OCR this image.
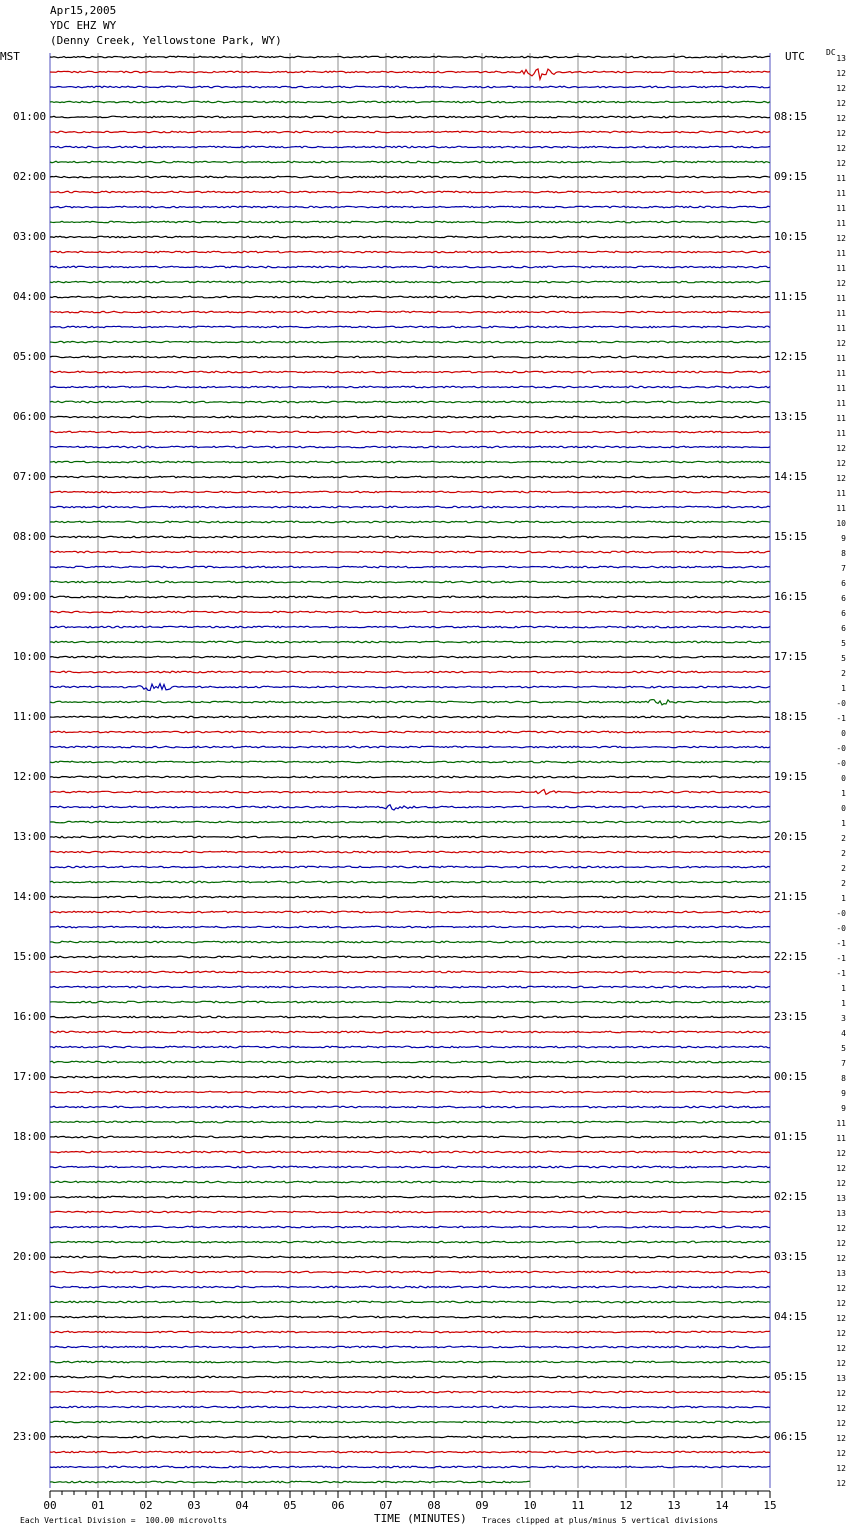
Apr15,2005
YDC EHZ WY
(Denny Creek, Yellowstone Park, WY)
MST	UTC	DC
00	01	02	03	04	05	06	07	08	09	10	11	12	13	14	15
01:00
02:00
03:00
04:00
05:00
06:00
07:00
08:00
09:00
10:00
11:00
12:00
13:00
14:00
15:00
16:00
17:00
18:00
19:00
20:00
21:00
22:00
23:00
08:15
09:15
10:15
11:15
12:15
13:15
14:15
15:15
16:15
17:15
18:15
19:15
20:15
21:15
22:15
23:15
00:15
01:15
02:15
03:15
04:15
05:15
06:15
13
12
12
12
12
12
12
12
11
11
11
11
12
11
11
12
11
11
11
12
11
11
11
11
11
11
12
12
12
11
11
10
9
8
7
6
6
6
6
5
5
2
1
-0
-1
0
-0
-0
0
1
0
1
2
2
2
2
1
-0
-0
-1
-1
-1
1
1
3
4
5
7
8
9
9
11
11
12
12
12
13
13
12
12
12
13
12
12
12
12
12
12
13
12
12
12
12
12
12
12
Each Vertical Division =  100.00 microvolts	TIME (MINUTES) Traces clipped at plus/minus 5 vertical divisions
